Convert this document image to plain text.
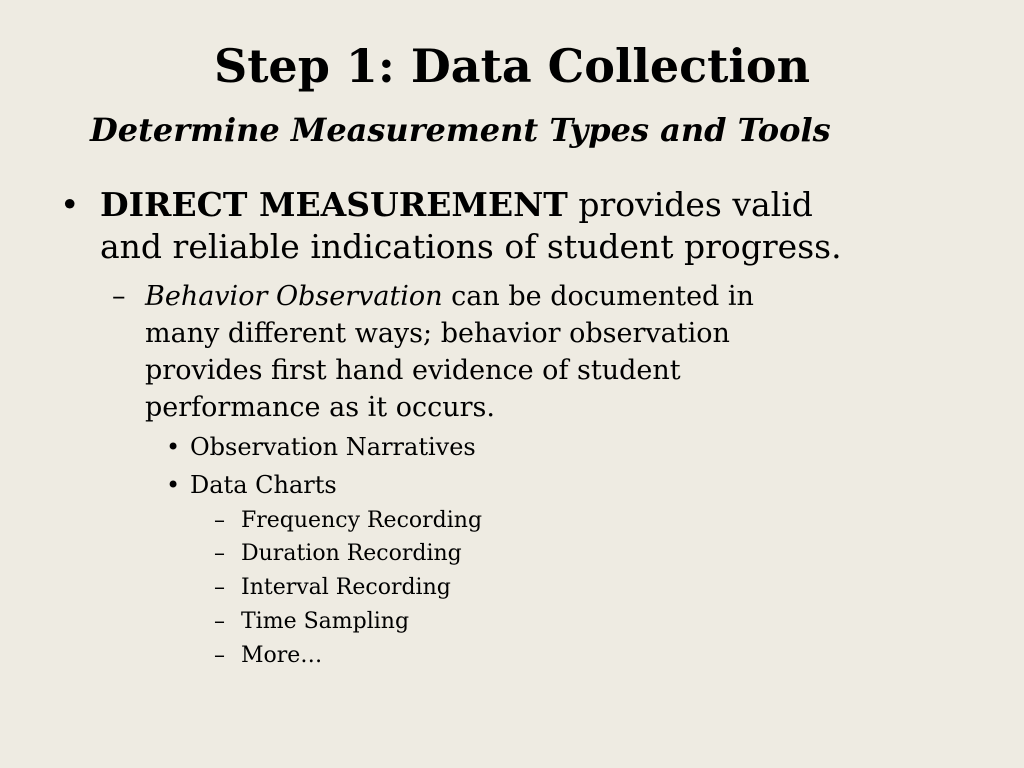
Step 1: Data Collection
Determine Measurement Types and Tools
• DIRECT MEASUREMENT provides valid
and reliable indications of student progress.
– Behavior Observation can be documented in
many different ways; behavior observation
provides first hand evidence of student
performance as it occurs.
• Observation Narratives
• Data Charts
– Frequency Recording
– Duration Recording
– Interval Recording
– Time Sampling
– More…
